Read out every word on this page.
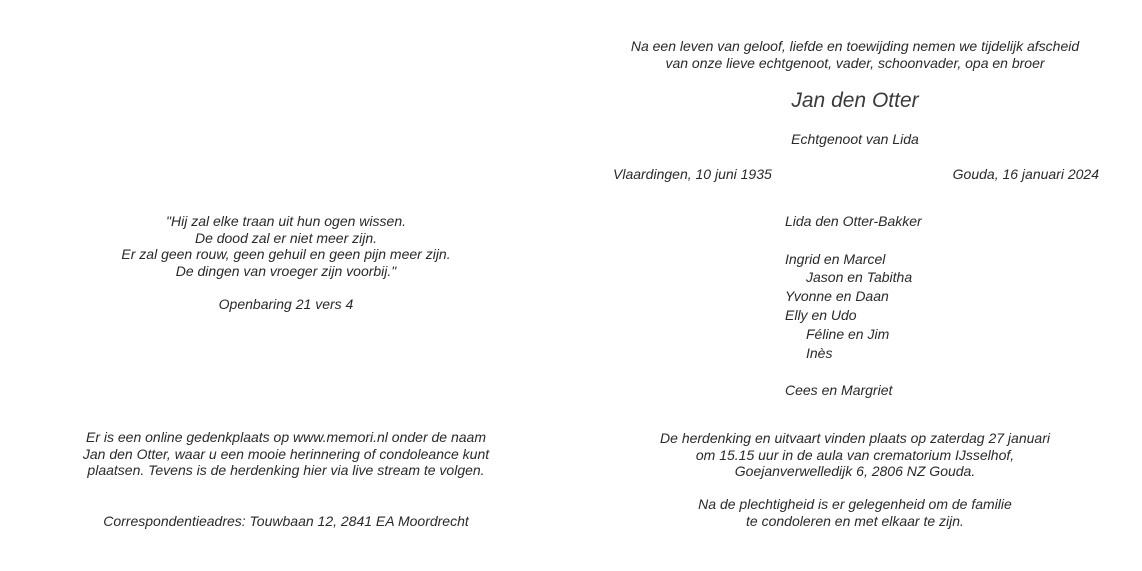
"Hij zal elke traan uit hun ogen wissen.
De dood zal er niet meer zijn.
Er zal geen rouw, geen gehuil en geen pijn meer zijn.
De dingen van vroeger zijn voorbij."
Openbaring 21 vers 4
Er is een online gedenkplaats op www.memori.nl onder de naam
Jan den Otter, waar u een mooie herinnering of condoleance kunt
plaatsen. Tevens is de herdenking hier via live stream te volgen.
Correspondentieadres: Touwbaan 12, 2841 EA Moordrecht
Na een leven van geloof, liefde en toewijding nemen we tijdelijk afscheid
van onze lieve echtgenoot, vader, schoonvader, opa en broer
Jan den Otter
Echtgenoot van Lida
Vlaardingen, 10 juni 1935	Gouda, 16 januari 2024
Lida den Otter-Bakker
Ingrid en Marcel
Jason en Tabitha
Yvonne en Daan
Elly en Udo
Féline en Jim
Inès
Cees en Margriet
De herdenking en uitvaart vinden plaats op zaterdag 27 januari
om 15.15 uur in de aula van crematorium IJsselhof,
Goejanverwelledijk 6, 2806 NZ Gouda.
Na de plechtigheid is er gelegenheid om de familie
te condoleren en met elkaar te zijn.
